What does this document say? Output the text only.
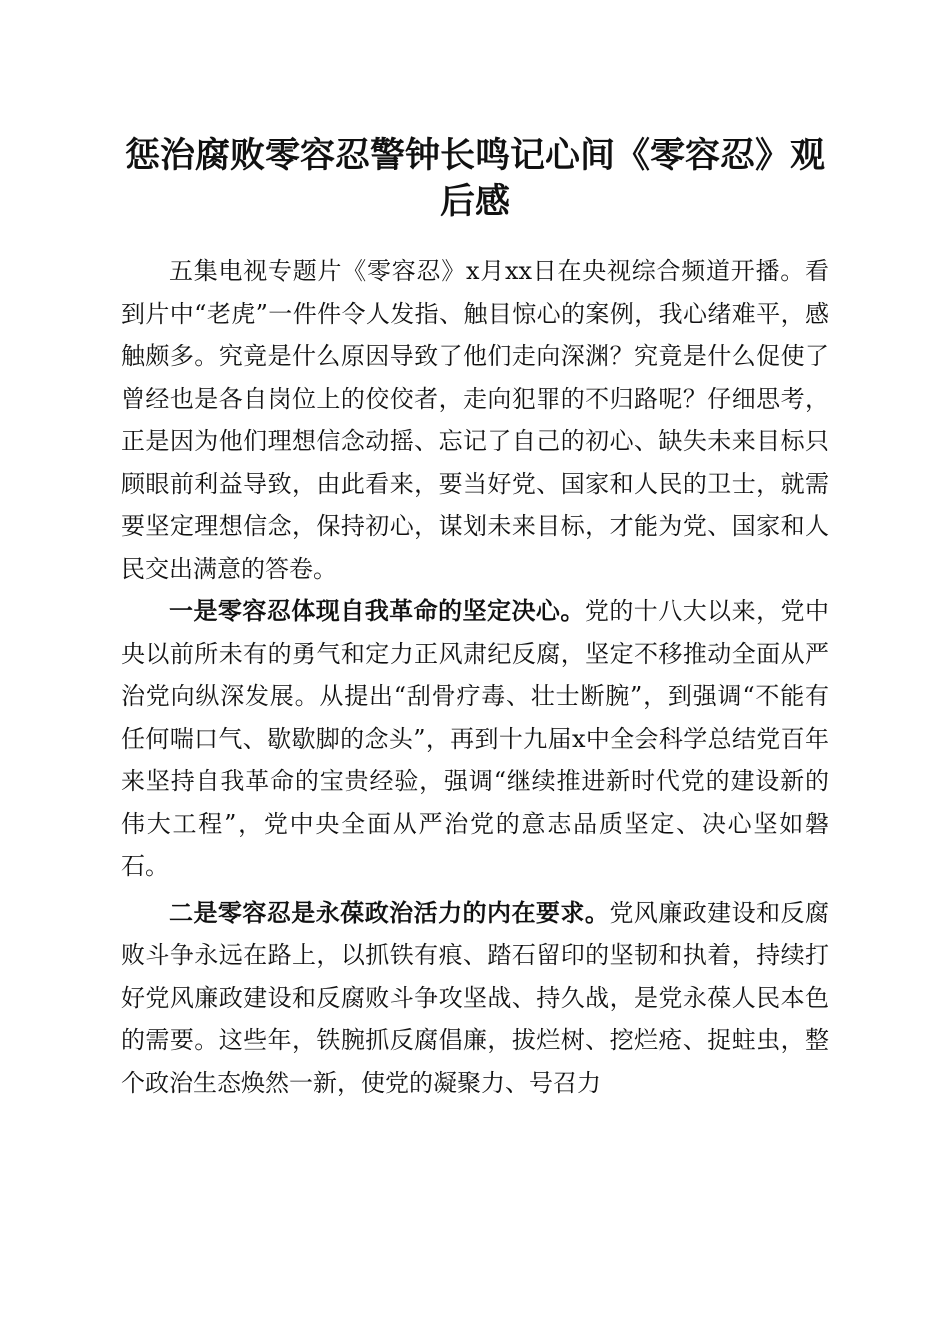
惩治腐败零容忍警钟长鸣记心间《零容忍》观后感

五集电视专题片《零容忍》x月xx日在央视综合频道开播。看到片中“老虎”一件件令人发指、触目惊心的案例，我心绪难平，感触颇多。究竟是什么原因导致了他们走向深渊？究竟是什么促使了曾经也是各自岗位上的佼佼者，走向犯罪的不归路呢？仔细思考，正是因为他们理想信念动摇、忘记了自己的初心、缺失未来目标只顾眼前利益导致，由此看来，要当好党、国家和人民的卫士，就需要坚定理想信念，保持初心，谋划未来目标，才能为党、国家和人民交出满意的答卷。

一是零容忍体现自我革命的坚定决心。党的十八大以来，党中央以前所未有的勇气和定力正风肃纪反腐，坚定不移推动全面从严治党向纵深发展。从提出“刮骨疗毒、壮士断腕”，到强调“不能有任何喘口气、歇歇脚的念头”，再到十九届x中全会科学总结党百年来坚持自我革命的宝贵经验，强调“继续推进新时代党的建设新的伟大工程”，党中央全面从严治党的意志品质坚定、决心坚如磐石。

二是零容忍是永葆政治活力的内在要求。党风廉政建设和反腐败斗争永远在路上，以抓铁有痕、踏石留印的坚韧和执着，持续打好党风廉政建设和反腐败斗争攻坚战、持久战，是党永葆人民本色的需要。这些年，铁腕抓反腐倡廉，拔烂树、挖烂疮、捉蛀虫，整个政治生态焕然一新，使党的凝聚力、号召力
